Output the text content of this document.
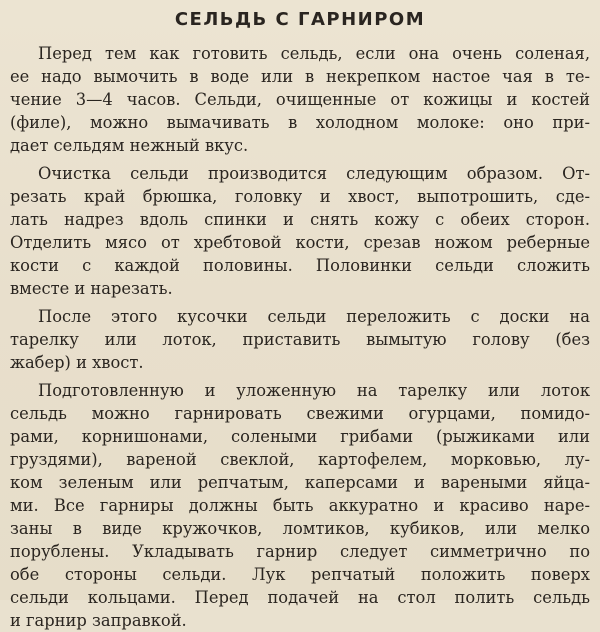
СЕЛЬДЬ С ГАРНИРОМ
Перед тем как готовить сельдь, если она очень соленая,
ее надо вымочить в воде или в некрепком настое чая в те-
чение 3—4 часов. Сельди, очищенные от кожицы и костей
(филе), можно вымачивать в холодном молоке: оно при-
дает сельдям нежный вкус.
Очистка сельди производится следующим образом. От-
резать край брюшка, головку и хвост, выпотрошить, сде-
лать надрез вдоль спинки и снять кожу с обеих сторон.
Отделить мясо от хребтовой кости, срезав ножом реберные
кости с каждой половины. Половинки сельди сложить
вместе и нарезать.
После этого кусочки сельди переложить с доски на
тарелку или лоток, приставить вымытую голову (без
жабер) и хвост.
Подготовленную и уложенную на тарелку или лоток
сельдь можно гарнировать свежими огурцами, помидо-
рами, корнишонами, солеными грибами (рыжиками или
груздями), вареной свеклой, картофелем, морковью, лу-
ком зеленым или репчатым, каперсами и вареными яйца-
ми. Все гарниры должны быть аккуратно и красиво наре-
заны в виде кружочков, ломтиков, кубиков, или мелко
порублены. Укладывать гарнир следует симметрично по
обе стороны сельди. Лук репчатый положить поверх
сельди кольцами. Перед подачей на стол полить сельдь
и гарнир заправкой.
